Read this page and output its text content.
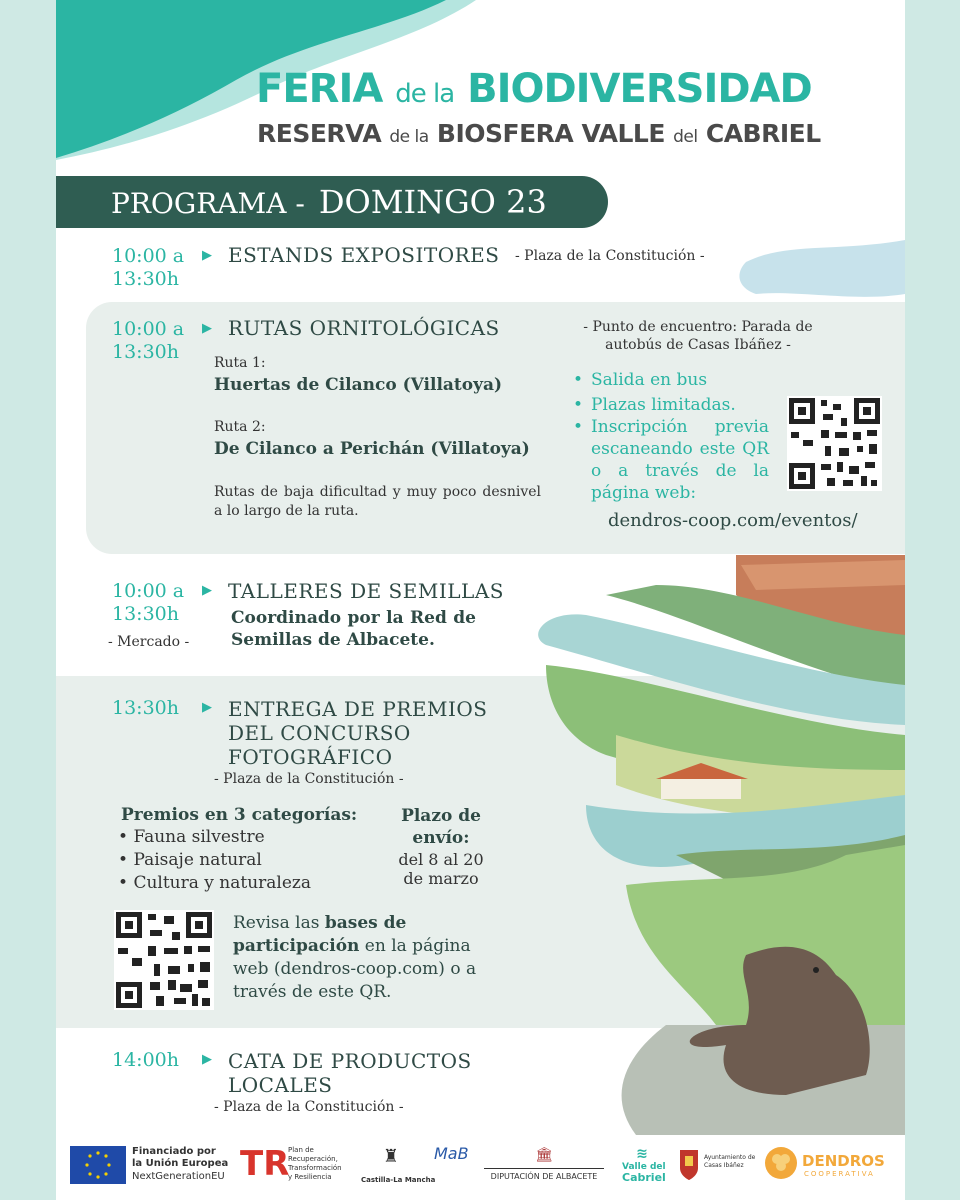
FERIA de la BIODIVERSIDAD
RESERVA de la BIOSFERA VALLE del CABRIEL
PROGRAMA - DOMINGO 23
10:00 a
13:30h
▶ ESTANDS EXPOSITORES - Plaza de la Constitución -
10:00 a
13:30h
▶ RUTAS ORNITOLÓGICAS
Ruta 1:
Huertas de Cilanco (Villatoya)
Ruta 2:
De Cilanco a Perichán (Villatoya)
Rutas de baja dificultad y muy poco desnivel a lo largo de la ruta.
- Punto de encuentro: Parada de autobús de Casas Ibáñez -
• Salida en bus
• Plazas limitadas.
• Inscripción previa escaneando este QR o a través de la página web:
dendros-coop.com/eventos/
10:00 a
13:30h
- Mercado -
▶ TALLERES DE SEMILLAS
Coordinado por la Red de Semillas de Albacete.
13:30h ▶ ENTREGA DE PREMIOS DEL CONCURSO FOTOGRÁFICO
- Plaza de la Constitución -
Premios en 3 categorías:
• Fauna silvestre
• Paisaje natural
• Cultura y naturaleza
Plazo de envío:
del 8 al 20 de marzo
Revisa las bases de participación en la página web (dendros-coop.com) o a través de este QR.
14:00h ▶ CATA DE PRODUCTOS LOCALES
- Plaza de la Constitución -
Financiado por
la Unión Europea
NextGenerationEU TR
Plan de
Recuperación,
Transformación
y Resiliencia
♜
Castilla-La Mancha
MaB	🏛
DIPUTACIÓN DE ALBACETE
≋
Valle del
Cabriel
Ayuntamiento de
Casas Ibáñez	DENDROS
COOPERATIVA
